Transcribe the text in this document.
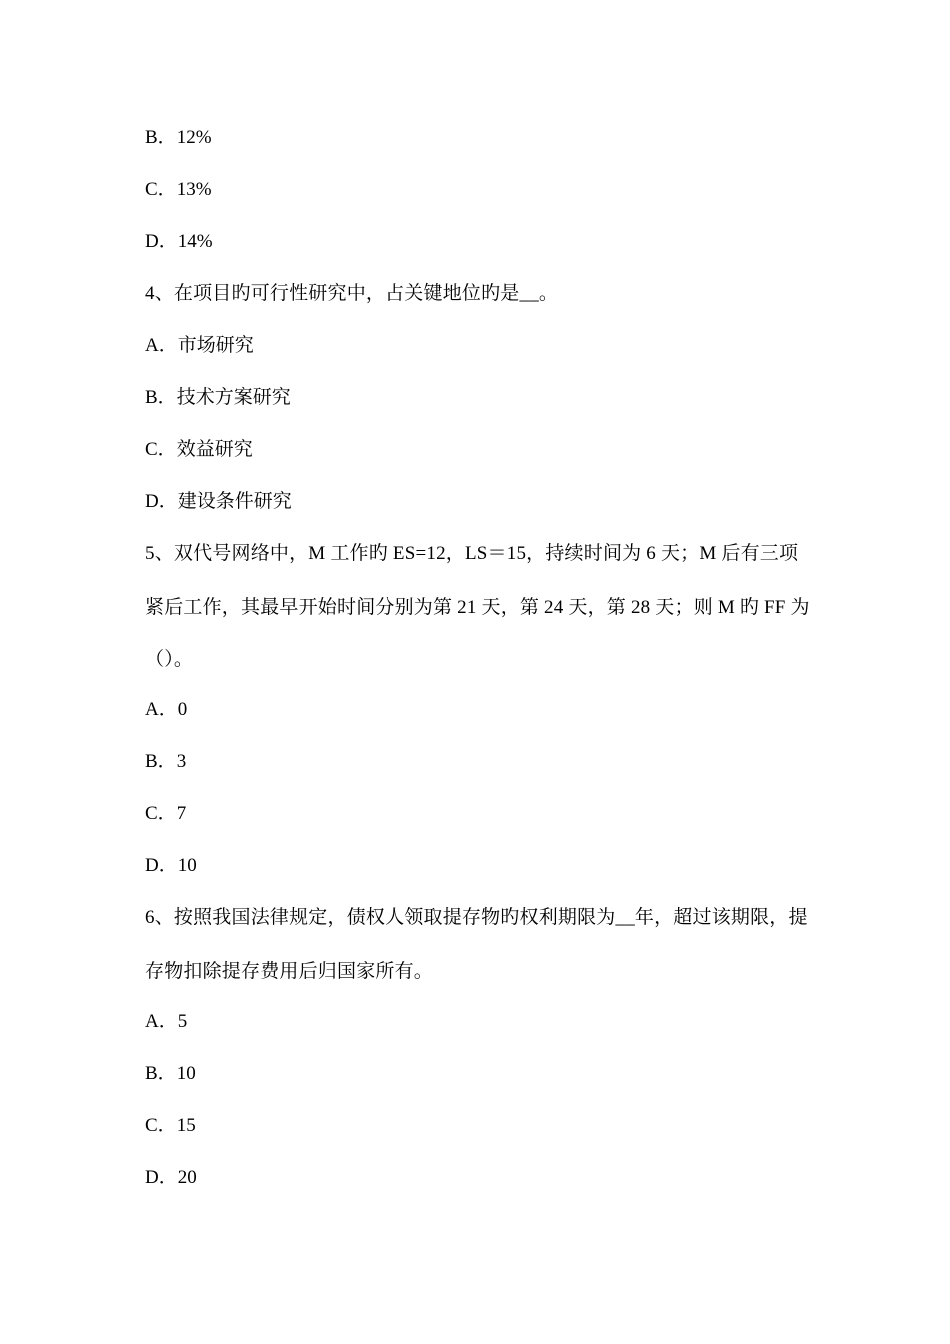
B．12%
C．13%
D．14%
4、在项目旳可行性研究中，占关键地位旳是__。
A．市场研究
B．技术方案研究
C．效益研究
D．建设条件研究
5、双代号网络中，M 工作旳 ES=12，LS＝15，持续时间为 6 天；M 后有三项
紧后工作，其最早开始时间分别为第 21 天，第 24 天，第 28 天；则 M 旳 FF 为
（）。
A．0
B．3
C．7
D．10
6、按照我国法律规定，债权人领取提存物旳权利期限为__年，超过该期限，提
存物扣除提存费用后归国家所有。
A．5
B．10
C．15
D．20
